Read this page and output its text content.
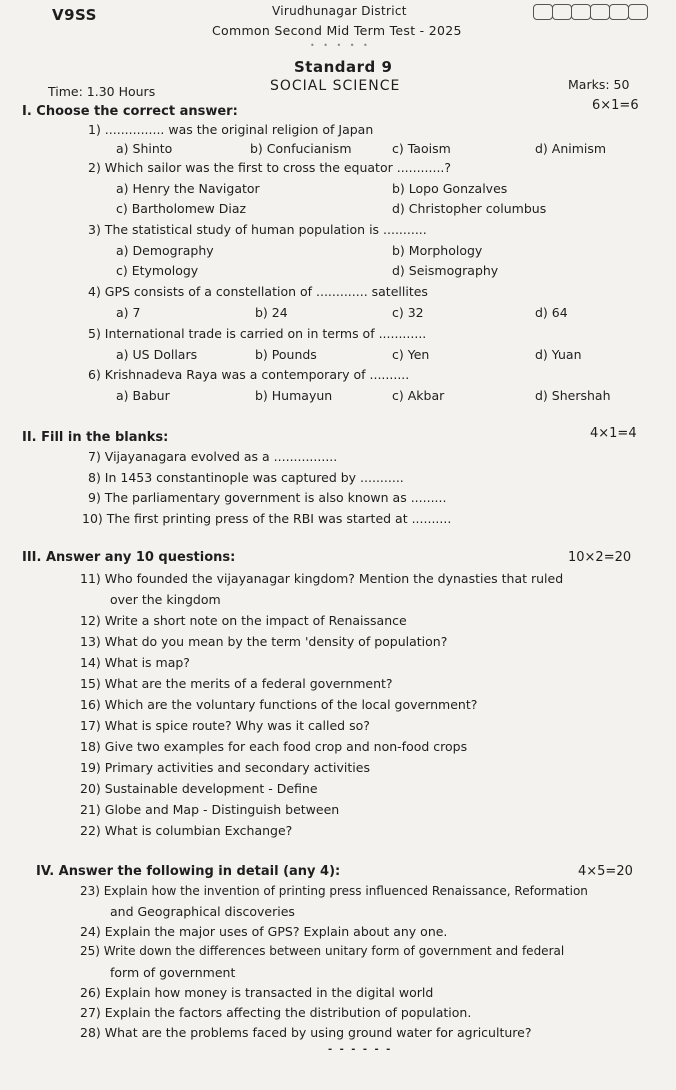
V9SS	Virudhunagar District
Common Second Mid Term Test - 2025
• • • • •
Standard 9
Time: 1.30 Hours	SOCIAL SCIENCE	Marks: 50
I. Choose the correct answer:	6×1=6
1) ............... was the original religion of Japan
a) Shinto	b) Confucianism	c) Taoism	d) Animism
2) Which sailor was the first to cross the equator ............?
a) Henry the Navigator	b) Lopo Gonzalves
c) Bartholomew Diaz	d) Christopher columbus
3) The statistical study of human population is ...........
a) Demography	b) Morphology
c) Etymology	d) Seismography
4) GPS consists of a constellation of ............. satellites
a) 7	b) 24	c) 32	d) 64
5) International trade is carried on in terms of ............
a) US Dollars	b) Pounds	c) Yen	d) Yuan
6) Krishnadeva Raya was a contemporary of ..........
a) Babur	b) Humayun	c) Akbar	d) Shershah
II. Fill in the blanks:	4×1=4
7) Vijayanagara evolved as a ................
8) In 1453 constantinople was captured by ...........
9) The parliamentary government is also known as .........
10) The first printing press of the RBI was started at ..........
III. Answer any 10 questions:	10×2=20
11) Who founded the vijayanagar kingdom? Mention the dynasties that ruled
over the kingdom
12) Write a short note on the impact of Renaissance
13) What do you mean by the term 'density of population?
14) What is map?
15) What are the merits of a federal government?
16) Which are the voluntary functions of the local government?
17) What is spice route? Why was it called so?
18) Give two examples for each food crop and non-food crops
19) Primary activities and secondary activities
20) Sustainable development - Define
21) Globe and Map - Distinguish between
22) What is columbian Exchange?
IV. Answer the following in detail (any 4):	4×5=20
23) Explain how the invention of printing press influenced Renaissance, Reformation
and Geographical discoveries
24) Explain the major uses of GPS? Explain about any one.
25) Write down the differences between unitary form of government and federal
form of government
26) Explain how money is transacted in the digital world
27) Explain the factors affecting the distribution of population.
28) What are the problems faced by using ground water for agriculture?
- - - - - -
